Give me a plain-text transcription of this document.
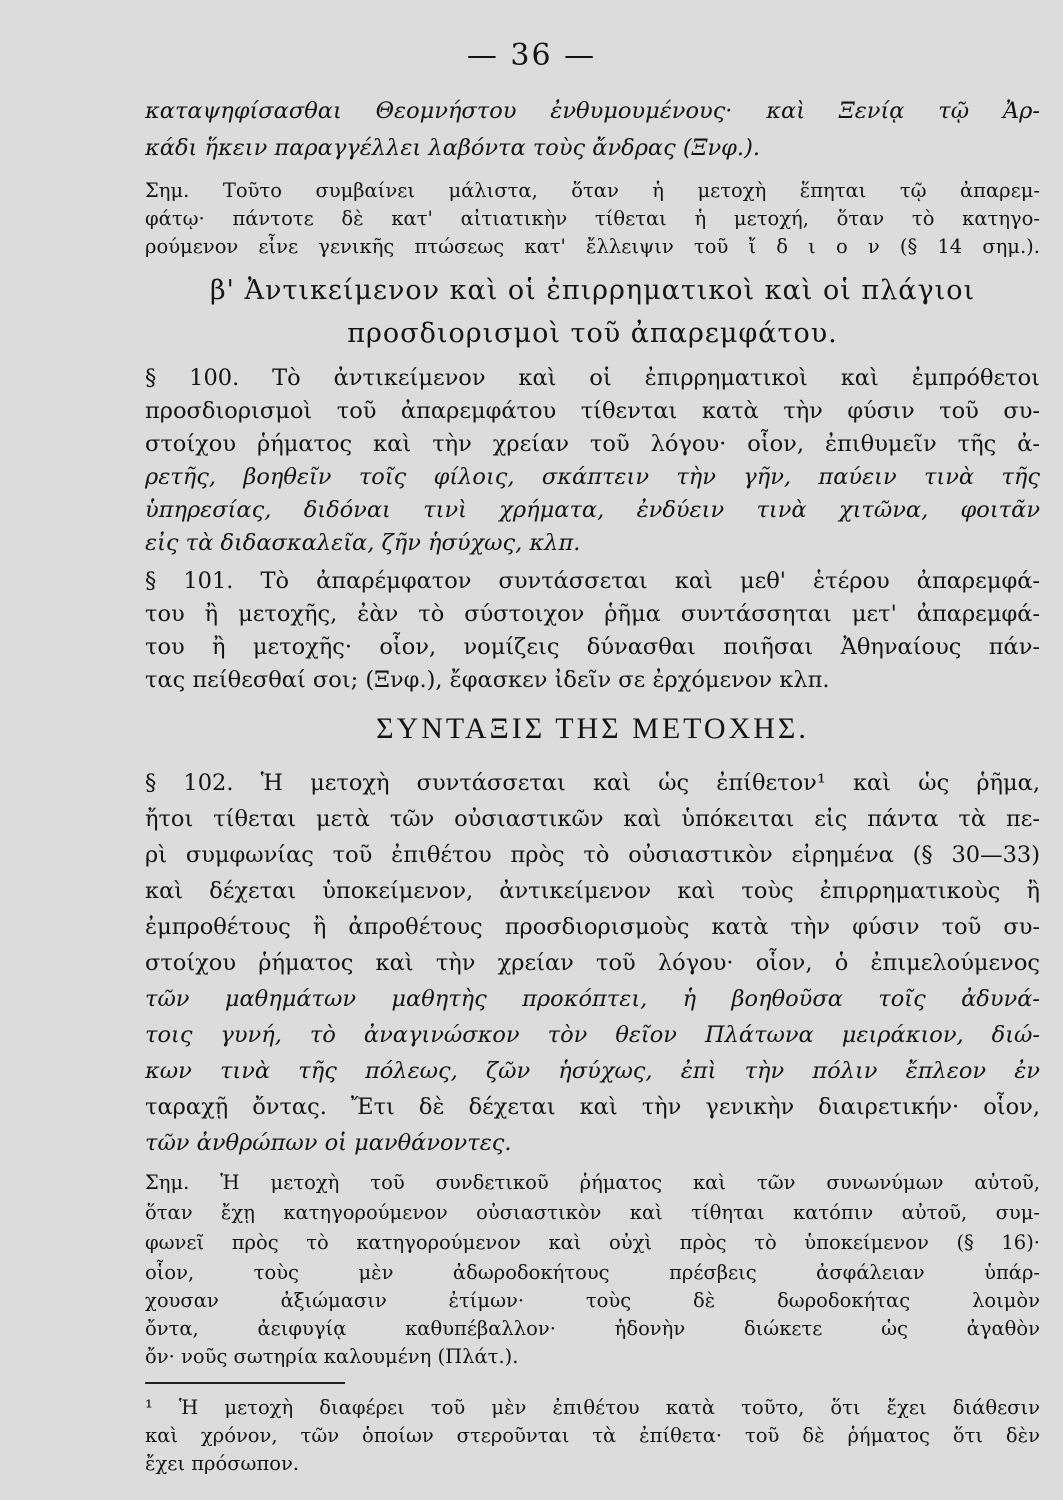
— 36 —
καταψηφίσασθαι Θεομνήστου ἐνθυμουμένους· καὶ Ξενίᾳ τῷ Ἀρ-
κάδι ἥκειν παραγγέλλει λαβόντα τοὺς ἄνδρας (Ξνφ.).
Σημ. Τοῦτο συμβαίνει μάλιστα, ὅταν ἡ μετοχὴ ἕπηται τῷ ἀπαρεμ-
φάτῳ· πάντοτε δὲ κατ' αἰτιατικὴν τίθεται ἡ μετοχή, ὅταν τὸ κατηγο-
ρούμενον εἶνε γενικῆς πτώσεως κατ' ἔλλειψιν τοῦ ἴ δ ι ο ν (§ 14 σημ.).
β' Ἀντικείμενον καὶ οἱ ἐπιρρηματικοὶ καὶ οἱ πλάγιοι
προσδιορισμοὶ τοῦ ἀπαρεμφάτου.
§ 100. Τὸ ἀντικείμενον καὶ οἱ ἐπιρρηματικοὶ καὶ ἐμπρόθετοι
προσδιορισμοὶ τοῦ ἀπαρεμφάτου τίθενται κατὰ τὴν φύσιν τοῦ συ-
στοίχου ῥήματος καὶ τὴν χρείαν τοῦ λόγου· οἷον, ἐπιθυμεῖν τῆς ἀ-
ρετῆς, βοηθεῖν τοῖς φίλοις, σκάπτειν τὴν γῆν, παύειν τινὰ τῆς
ὑπηρεσίας, διδόναι τινὶ χρήματα, ἐνδύειν τινὰ χιτῶνα, φοιτᾶν
εἰς τὰ διδασκαλεῖα, ζῆν ἡσύχως, κλπ.
§ 101. Τὸ ἀπαρέμφατον συντάσσεται καὶ μεθ' ἑτέρου ἀπαρεμφά-
του ἢ μετοχῆς, ἐὰν τὸ σύστοιχον ῥῆμα συντάσσηται μετ' ἀπαρεμφά-
του ἢ μετοχῆς· οἷον, νομίζεις δύνασθαι ποιῆσαι Ἀθηναίους πάν-
τας πείθεσθαί σοι; (Ξνφ.), ἔφασκεν ἰδεῖν σε ἐρχόμενον κλπ.
ΣΥΝΤΑΞΙΣ ΤΗΣ ΜΕΤΟΧΗΣ.
§ 102. Ἡ μετοχὴ συντάσσεται καὶ ὡς ἐπίθετον¹ καὶ ὡς ῥῆμα,
ἤτοι τίθεται μετὰ τῶν οὐσιαστικῶν καὶ ὑπόκειται εἰς πάντα τὰ πε-
ρὶ συμφωνίας τοῦ ἐπιθέτου πρὸς τὸ οὐσιαστικὸν εἰρημένα (§ 30—33)
καὶ δέχεται ὑποκείμενον, ἀντικείμενον καὶ τοὺς ἐπιρρηματικοὺς ἢ
ἐμπροθέτους ἢ ἀπροθέτους προσδιορισμοὺς κατὰ τὴν φύσιν τοῦ συ-
στοίχου ῥήματος καὶ τὴν χρείαν τοῦ λόγου· οἷον, ὁ ἐπιμελούμενος
τῶν μαθημάτων μαθητὴς προκόπτει, ἡ βοηθοῦσα τοῖς ἀδυνά-
τοις γυνή, τὸ ἀναγινώσκον τὸν θεῖον Πλάτωνα μειράκιον, διώ-
κων τινὰ τῆς πόλεως, ζῶν ἡσύχως, ἐπὶ τὴν πόλιν ἔπλεον ἐν
ταραχῇ ὄντας. Ἔτι δὲ δέχεται καὶ τὴν γενικὴν διαιρετικήν· οἷον,
τῶν ἀνθρώπων οἱ μανθάνοντες.
Σημ. Ἡ μετοχὴ τοῦ συνδετικοῦ ῥήματος καὶ τῶν συνωνύμων αὐτοῦ,
ὅταν ἔχῃ κατηγορούμενον οὐσιαστικὸν καὶ τίθηται κατόπιν αὐτοῦ, συμ-
φωνεῖ πρὸς τὸ κατηγορούμενον καὶ οὐχὶ πρὸς τὸ ὑποκείμενον (§ 16)·
οἷον, τοὺς μὲν ἀδωροδοκήτους πρέσβεις ἀσφάλειαν ὑπάρ-
χουσαν ἀξιώμασιν ἐτίμων· τοὺς δὲ δωροδοκήτας λοιμὸν
ὄντα, ἀειφυγίᾳ καθυπέβαλλον· ἡδονὴν διώκετε ὡς ἀγαθὸν
ὄν· νοῦς σωτηρία καλουμένη (Πλάτ.).
¹ Ἡ μετοχὴ διαφέρει τοῦ μὲν ἐπιθέτου κατὰ τοῦτο, ὅτι ἔχει διάθεσιν
καὶ χρόνον, τῶν ὁποίων στεροῦνται τὰ ἐπίθετα· τοῦ δὲ ῥήματος ὅτι δὲν
ἔχει πρόσωπον.
